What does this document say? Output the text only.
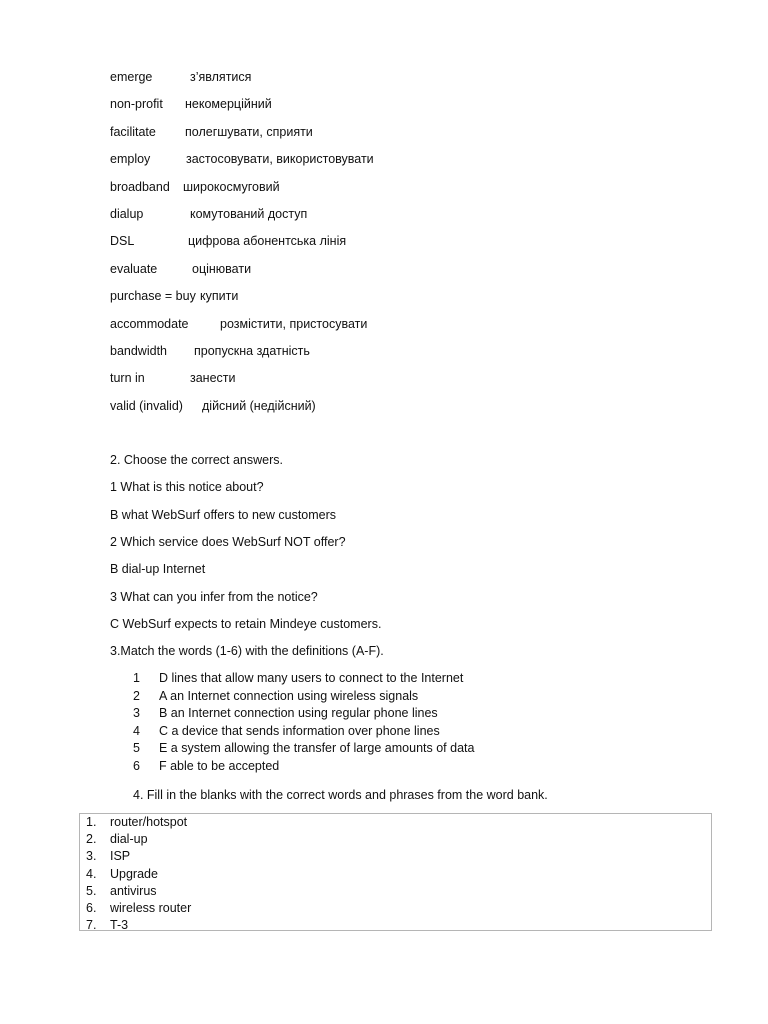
emerge	з’являтися
non-profit некомерційний
facilitate полегшувати, сприяти
employ	застосовувати, використовувати
broadband широкосмуговий
dialup	комутований доступ
DSL	цифрова абонентська лінія
evaluate	оцінювати
purchase = buy купити
accommodate	розмістити, пристосувати
bandwidth пропускна здатність
turn in	занести
valid (invalid) дійсний (недійсний)
2. Choose the correct answers.
1 What is this notice about?
B what WebSurf offers to new customers
2 Which service does WebSurf NOT offer?
B dial-up Internet
3 What can you infer from the notice?
C WebSurf expects to retain Mindeye customers.
3.Match the words (1-6) with the definitions (A-F).
1 D lines that allow many users to connect to the Internet
2 A an Internet connection using wireless signals
3 B an Internet connection using regular phone lines
4 C a device that sends information over phone lines
5 E a system allowing the transfer of large amounts of data
6 F able to be accepted
4. Fill in the blanks with the correct words and phrases from the word bank.
1. router/hotspot
2. dial-up
3. ISP
4. Upgrade
5. antivirus
6. wireless router
7. T-3
